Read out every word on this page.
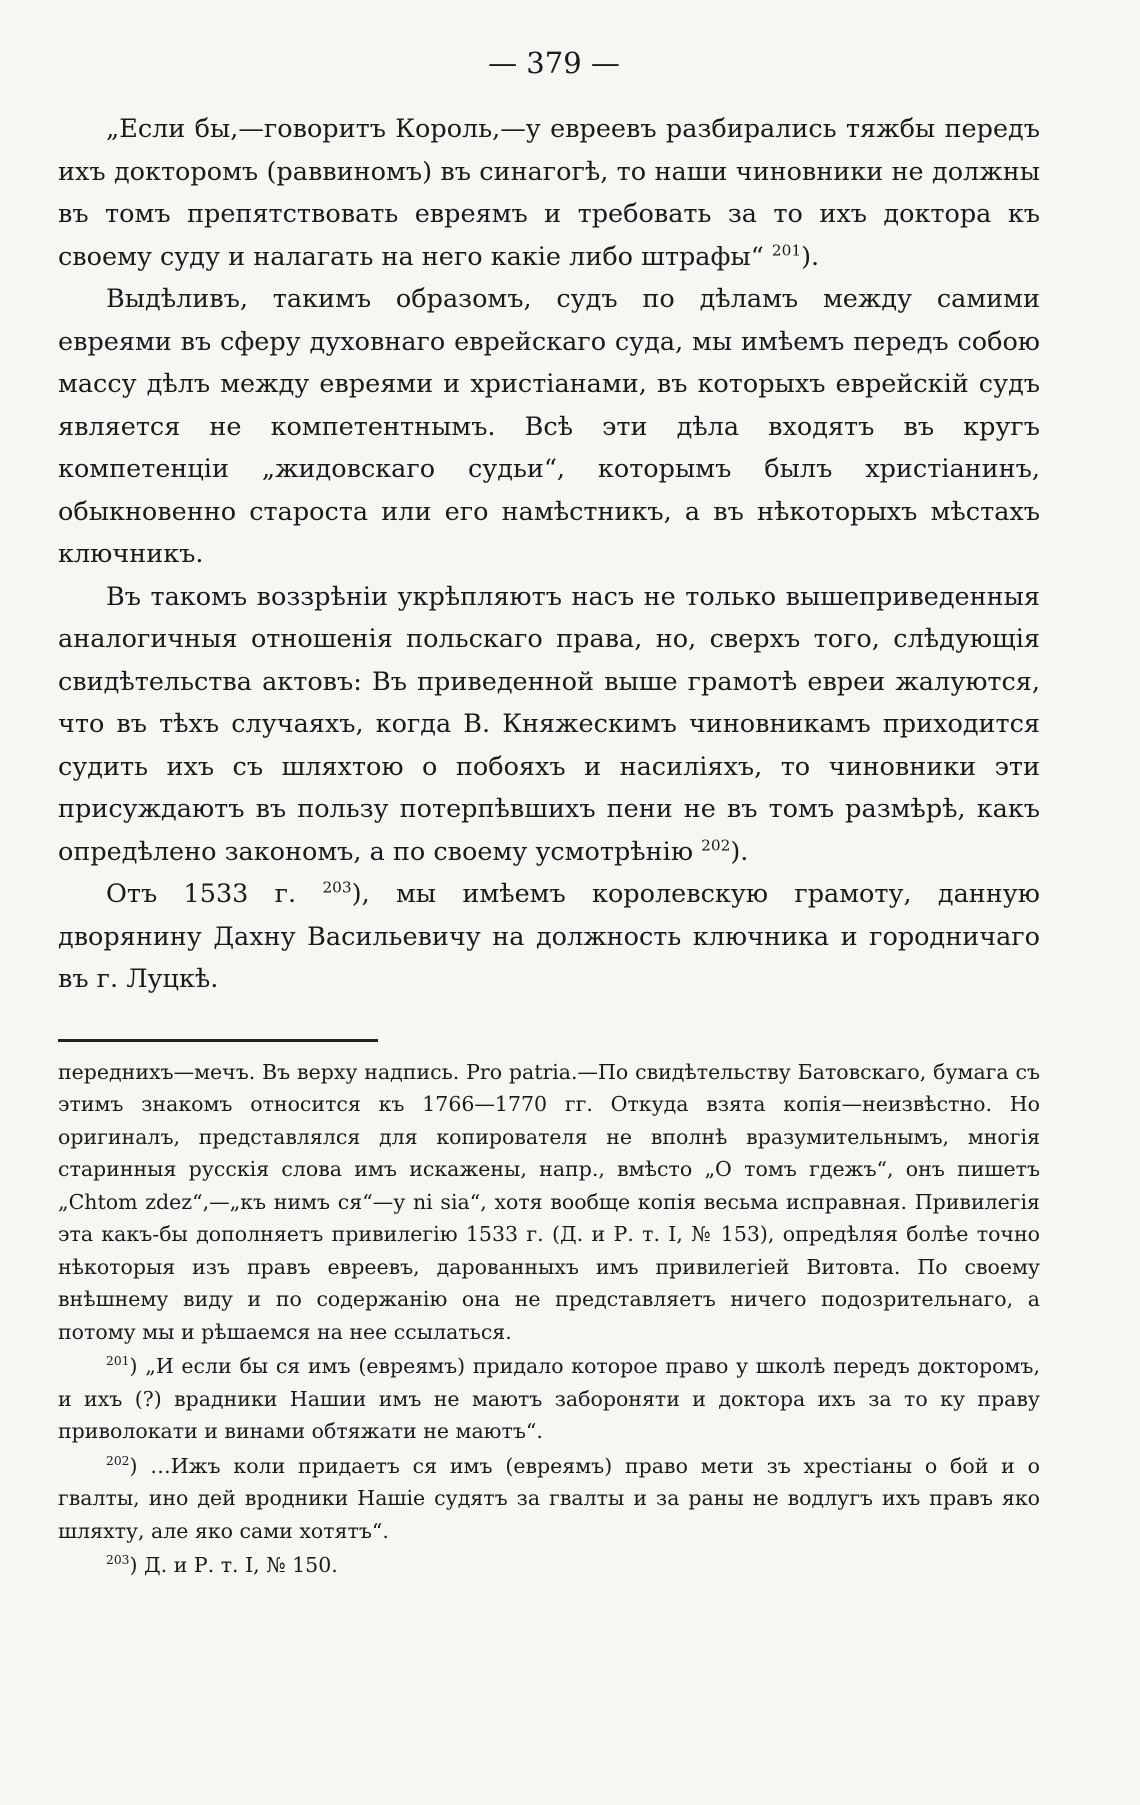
— 379 —

„Если бы,—говоритъ Король,—у евреевъ разбирались тяжбы передъ ихъ докторомъ (раввиномъ) въ синагогѣ, то наши чиновники не должны въ томъ препятствовать евреямъ и требовать за то ихъ доктора къ своему суду и налагать на него какіе либо штрафы“ $^{201}$).

Выдѣливъ, такимъ образомъ, судъ по дѣламъ между самими евреями въ сферу духовнаго еврейскаго суда, мы имѣемъ передъ собою массу дѣлъ между евреями и христіанами, въ которыхъ еврейскій судъ является не компетентнымъ. Всѣ эти дѣла входятъ въ кругъ компетенціи „жидовскаго судьи“, которымъ былъ христіанинъ, обыкновенно староста или его намѣстникъ, а въ нѣкоторыхъ мѣстахъ ключникъ.

Въ такомъ воззрѣніи укрѣпляютъ насъ не только вышеприведенныя аналогичныя отношенія польскаго права, но, сверхъ того, слѣдующія свидѣтельства актовъ: Въ приведенной выше грамотѣ евреи жалуются, что въ тѣхъ случаяхъ, когда В. Княжескимъ чиновникамъ приходится судить ихъ съ шляхтою о побояхъ и насиліяхъ, то чиновники эти присуждаютъ въ пользу потерпѣвшихъ пени не въ томъ размѣрѣ, какъ опредѣлено закономъ, а по своему усмотрѣнію $^{202}$).

Отъ 1533 г. $^{203}$), мы имѣемъ королевскую грамоту, данную дворянину Дахну Васильевичу на должность ключника и городничаго въ г. Луцкѣ.

переднихъ—мечъ. Въ верху надпись. Pro patria.—По свидѣтельству Батовскаго, бумага съ этимъ знакомъ относится къ 1766—1770 гг. Откуда взята копія—неизвѣстно. Но оригиналъ, представлялся для копирователя не вполнѣ вразумительнымъ, многія старинныя русскія слова имъ искажены, напр., вмѣсто „О томъ гдежъ“, онъ пишетъ „Chtom zdez“,—„къ нимъ ся“—у ni sia“, хотя вообще копія весьма исправная. Привилегія эта какъ-бы дополняетъ привилегію 1533 г. (Д. и Р. т. I, № 153), опредѣляя болѣе точно нѣкоторыя изъ правъ евреевъ, дарованныхъ имъ привилегіей Витовта. По своему внѣшнему виду и по содержанію она не представляетъ ничего подозрительнаго, а потому мы и рѣшаемся на нее ссылаться.

$^{201}$) „И если бы ся имъ (евреямъ) придало которое право у школѣ передъ докторомъ, и ихъ (?) врадники Нашии имъ не маютъ забороняти и доктора ихъ за то ку праву приволокати и винами обтяжати не маютъ“.

$^{202}$) …Ижъ коли придаетъ ся имъ (евреямъ) право мети зъ хрестіаны о бой и о гвалты, ино дей вродники Нашіе судятъ за гвалты и за раны не водлугъ ихъ правъ яко шляхту, але яко сами хотятъ“.

$^{203}$) Д. и Р. т. I, № 150.
